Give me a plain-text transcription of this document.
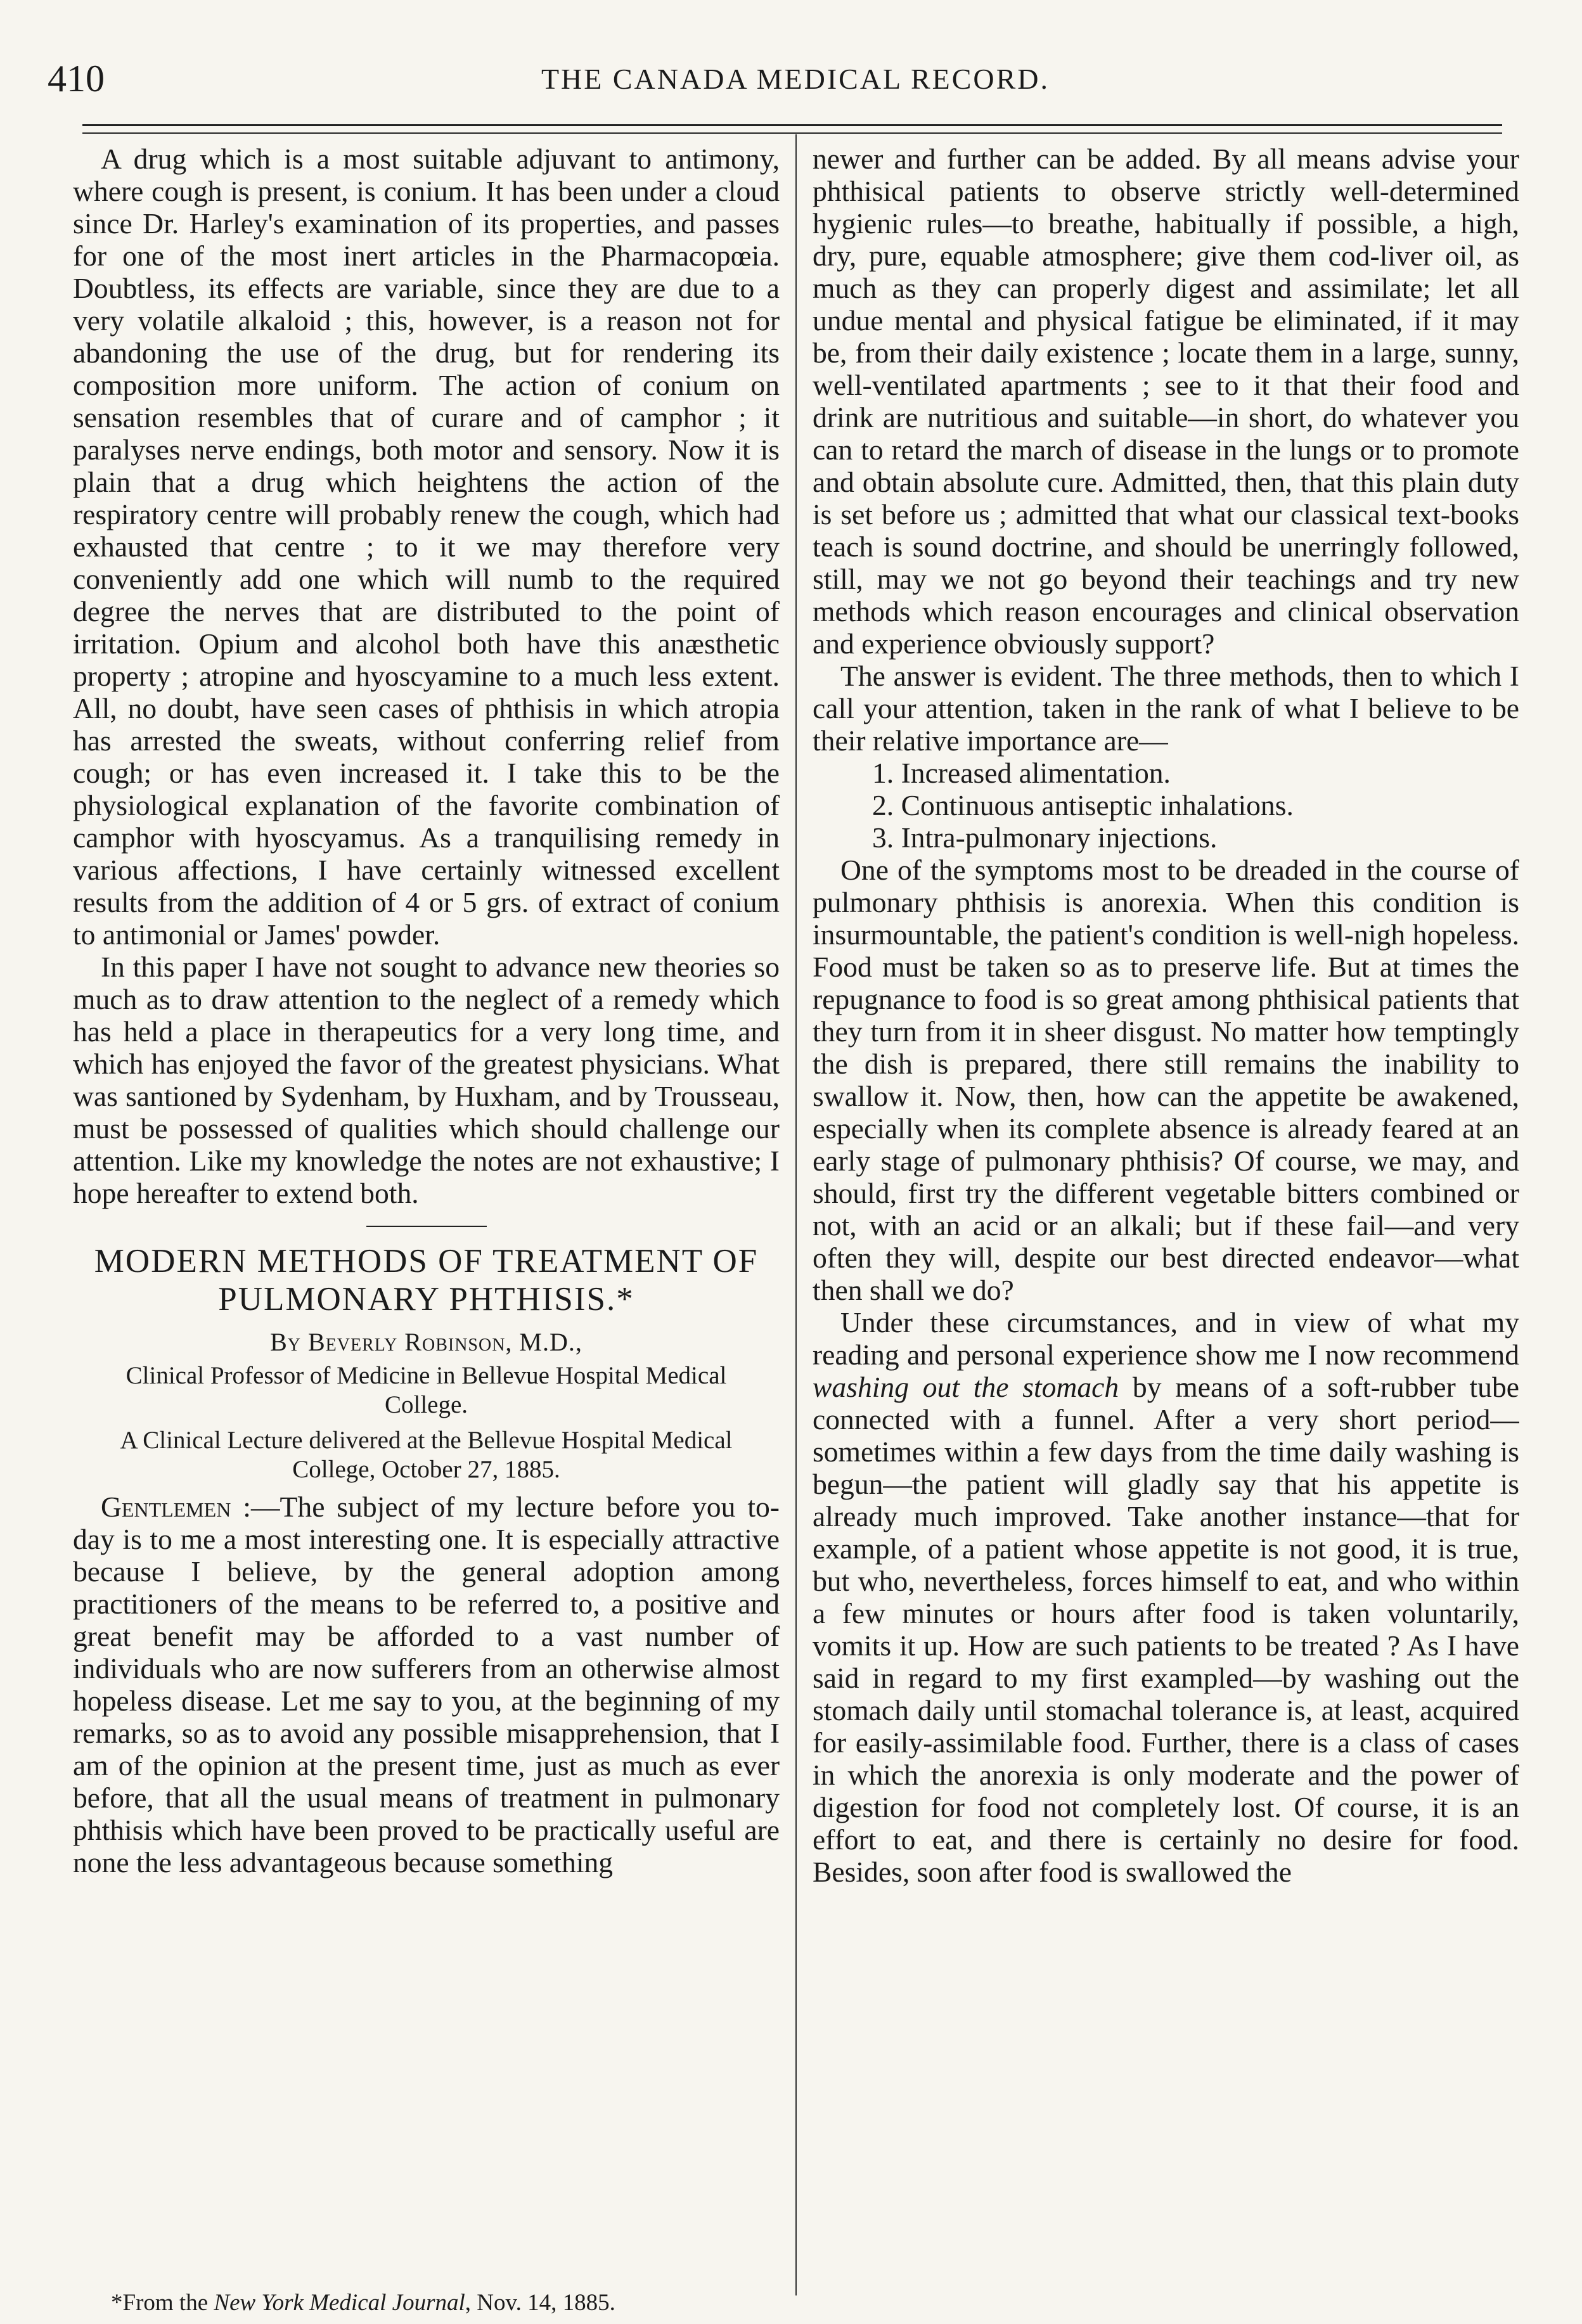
410	THE CANADA MEDICAL RECORD.

A drug which is a most suitable adjuvant to antimony, where cough is present, is conium. It has been under a cloud since Dr. Harley's examination of its properties, and passes for one of the most inert articles in the Pharmacopœia. Doubtless, its effects are variable, since they are due to a very volatile alkaloid ; this, however, is a reason not for abandoning the use of the drug, but for rendering its composition more uniform. The action of conium on sensation resembles that of curare and of camphor ; it paralyses nerve endings, both motor and sensory. Now it is plain that a drug which heightens the action of the respiratory centre will probably renew the cough, which had exhausted that centre ; to it we may therefore very conveniently add one which will numb to the required degree the nerves that are distributed to the point of irritation. Opium and alcohol both have this anæsthetic property ; atropine and hyoscyamine to a much less extent. All, no doubt, have seen cases of phthisis in which atropia has arrested the sweats, without conferring relief from cough; or has even increased it. I take this to be the physiological explanation of the favorite combination of camphor with hyoscyamus. As a tranquilising remedy in various affections, I have certainly witnessed excellent results from the addition of 4 or 5 grs. of extract of conium to antimonial or James' powder.

In this paper I have not sought to advance new theories so much as to draw attention to the neglect of a remedy which has held a place in therapeutics for a very long time, and which has enjoyed the favor of the greatest physicians. What was santioned by Sydenham, by Huxham, and by Trousseau, must be possessed of qualities which should challenge our attention. Like my knowledge the notes are not exhaustive; I hope hereafter to extend both.

MODERN METHODS OF TREATMENT OF PULMONARY PHTHISIS.*
By Beverly Robinson, M.D.,
Clinical Professor of Medicine in Bellevue Hospital Medical College.
A Clinical Lecture delivered at the Bellevue Hospital Medical College, October 27, 1885.

Gentlemen :—The subject of my lecture before you to-day is to me a most interesting one. It is especially attractive because I believe, by the general adoption among practitioners of the means to be referred to, a positive and great benefit may be afforded to a vast number of individuals who are now sufferers from an otherwise almost hopeless disease. Let me say to you, at the beginning of my remarks, so as to avoid any possible misapprehension, that I am of the opinion at the present time, just as much as ever before, that all the usual means of treatment in pulmonary phthisis which have been proved to be practically useful are none the less advantageous because something

newer and further can be added. By all means advise your phthisical patients to observe strictly well-determined hygienic rules—to breathe, habitually if possible, a high, dry, pure, equable atmosphere; give them cod-liver oil, as much as they can properly digest and assimilate; let all undue mental and physical fatigue be eliminated, if it may be, from their daily existence ; locate them in a large, sunny, well-ventilated apartments ; see to it that their food and drink are nutritious and suitable—in short, do whatever you can to retard the march of disease in the lungs or to promote and obtain absolute cure. Admitted, then, that this plain duty is set before us ; admitted that what our classical text-books teach is sound doctrine, and should be unerringly followed, still, may we not go beyond their teachings and try new methods which reason encourages and clinical observation and experience obviously support?

The answer is evident. The three methods, then to which I call your attention, taken in the rank of what I believe to be their relative importance are—

1. Increased alimentation.

2. Continuous antiseptic inhalations.

3. Intra-pulmonary injections.

One of the symptoms most to be dreaded in the course of pulmonary phthisis is anorexia. When this condition is insurmountable, the patient's condition is well-nigh hopeless. Food must be taken so as to preserve life. But at times the repugnance to food is so great among phthisical patients that they turn from it in sheer disgust. No matter how temptingly the dish is prepared, there still remains the inability to swallow it. Now, then, how can the appetite be awakened, especially when its complete absence is already feared at an early stage of pulmonary phthisis? Of course, we may, and should, first try the different vegetable bitters combined or not, with an acid or an alkali; but if these fail—and very often they will, despite our best directed endeavor—what then shall we do?

Under these circumstances, and in view of what my reading and personal experience show me I now recommend washing out the stomach by means of a soft-rubber tube connected with a funnel. After a very short period—sometimes within a few days from the time daily washing is begun—the patient will gladly say that his appetite is already much improved. Take another instance—that for example, of a patient whose appetite is not good, it is true, but who, nevertheless, forces himself to eat, and who within a few minutes or hours after food is taken voluntarily, vomits it up. How are such patients to be treated ? As I have said in regard to my first exampled—by washing out the stomach daily until stomachal tolerance is, at least, acquired for easily-assimilable food. Further, there is a class of cases in which the anorexia is only moderate and the power of digestion for food not completely lost. Of course, it is an effort to eat, and there is certainly no desire for food. Besides, soon after food is swallowed the

*From the New York Medical Journal, Nov. 14, 1885.
